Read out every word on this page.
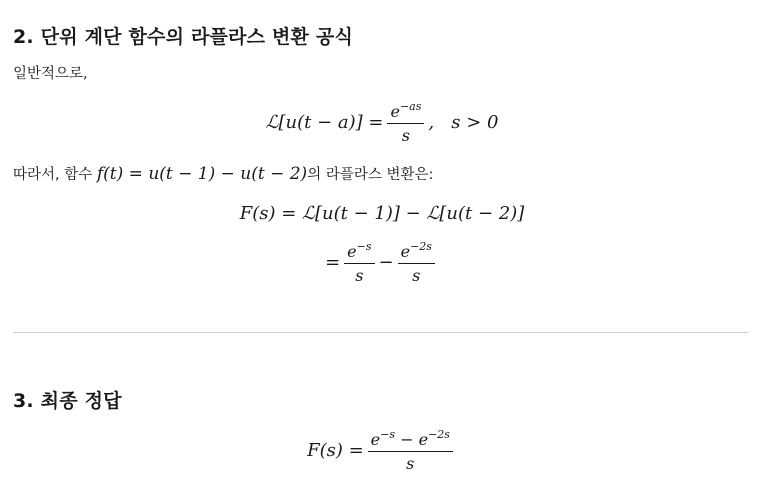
2. 단위 계단 함수의 라플라스 변환 공식

일반적으로,

ℒ[u(t − $a)] = \frac{e^{-as}}{s}$ ,   s > 0

따라서, 함수 f(t) = u(t − 1) − u(t − 2)의 라플라스 변환은:

F(s) = ℒ[u(t − 1)] − ℒ[u(t − 2)]
= $\frac{e^{-s}}{s} - \frac{e^{-2s}}{s}$
3. 최종 정답
$F(s) = \frac{e^{-s} - e^{-2s}}{s}$
